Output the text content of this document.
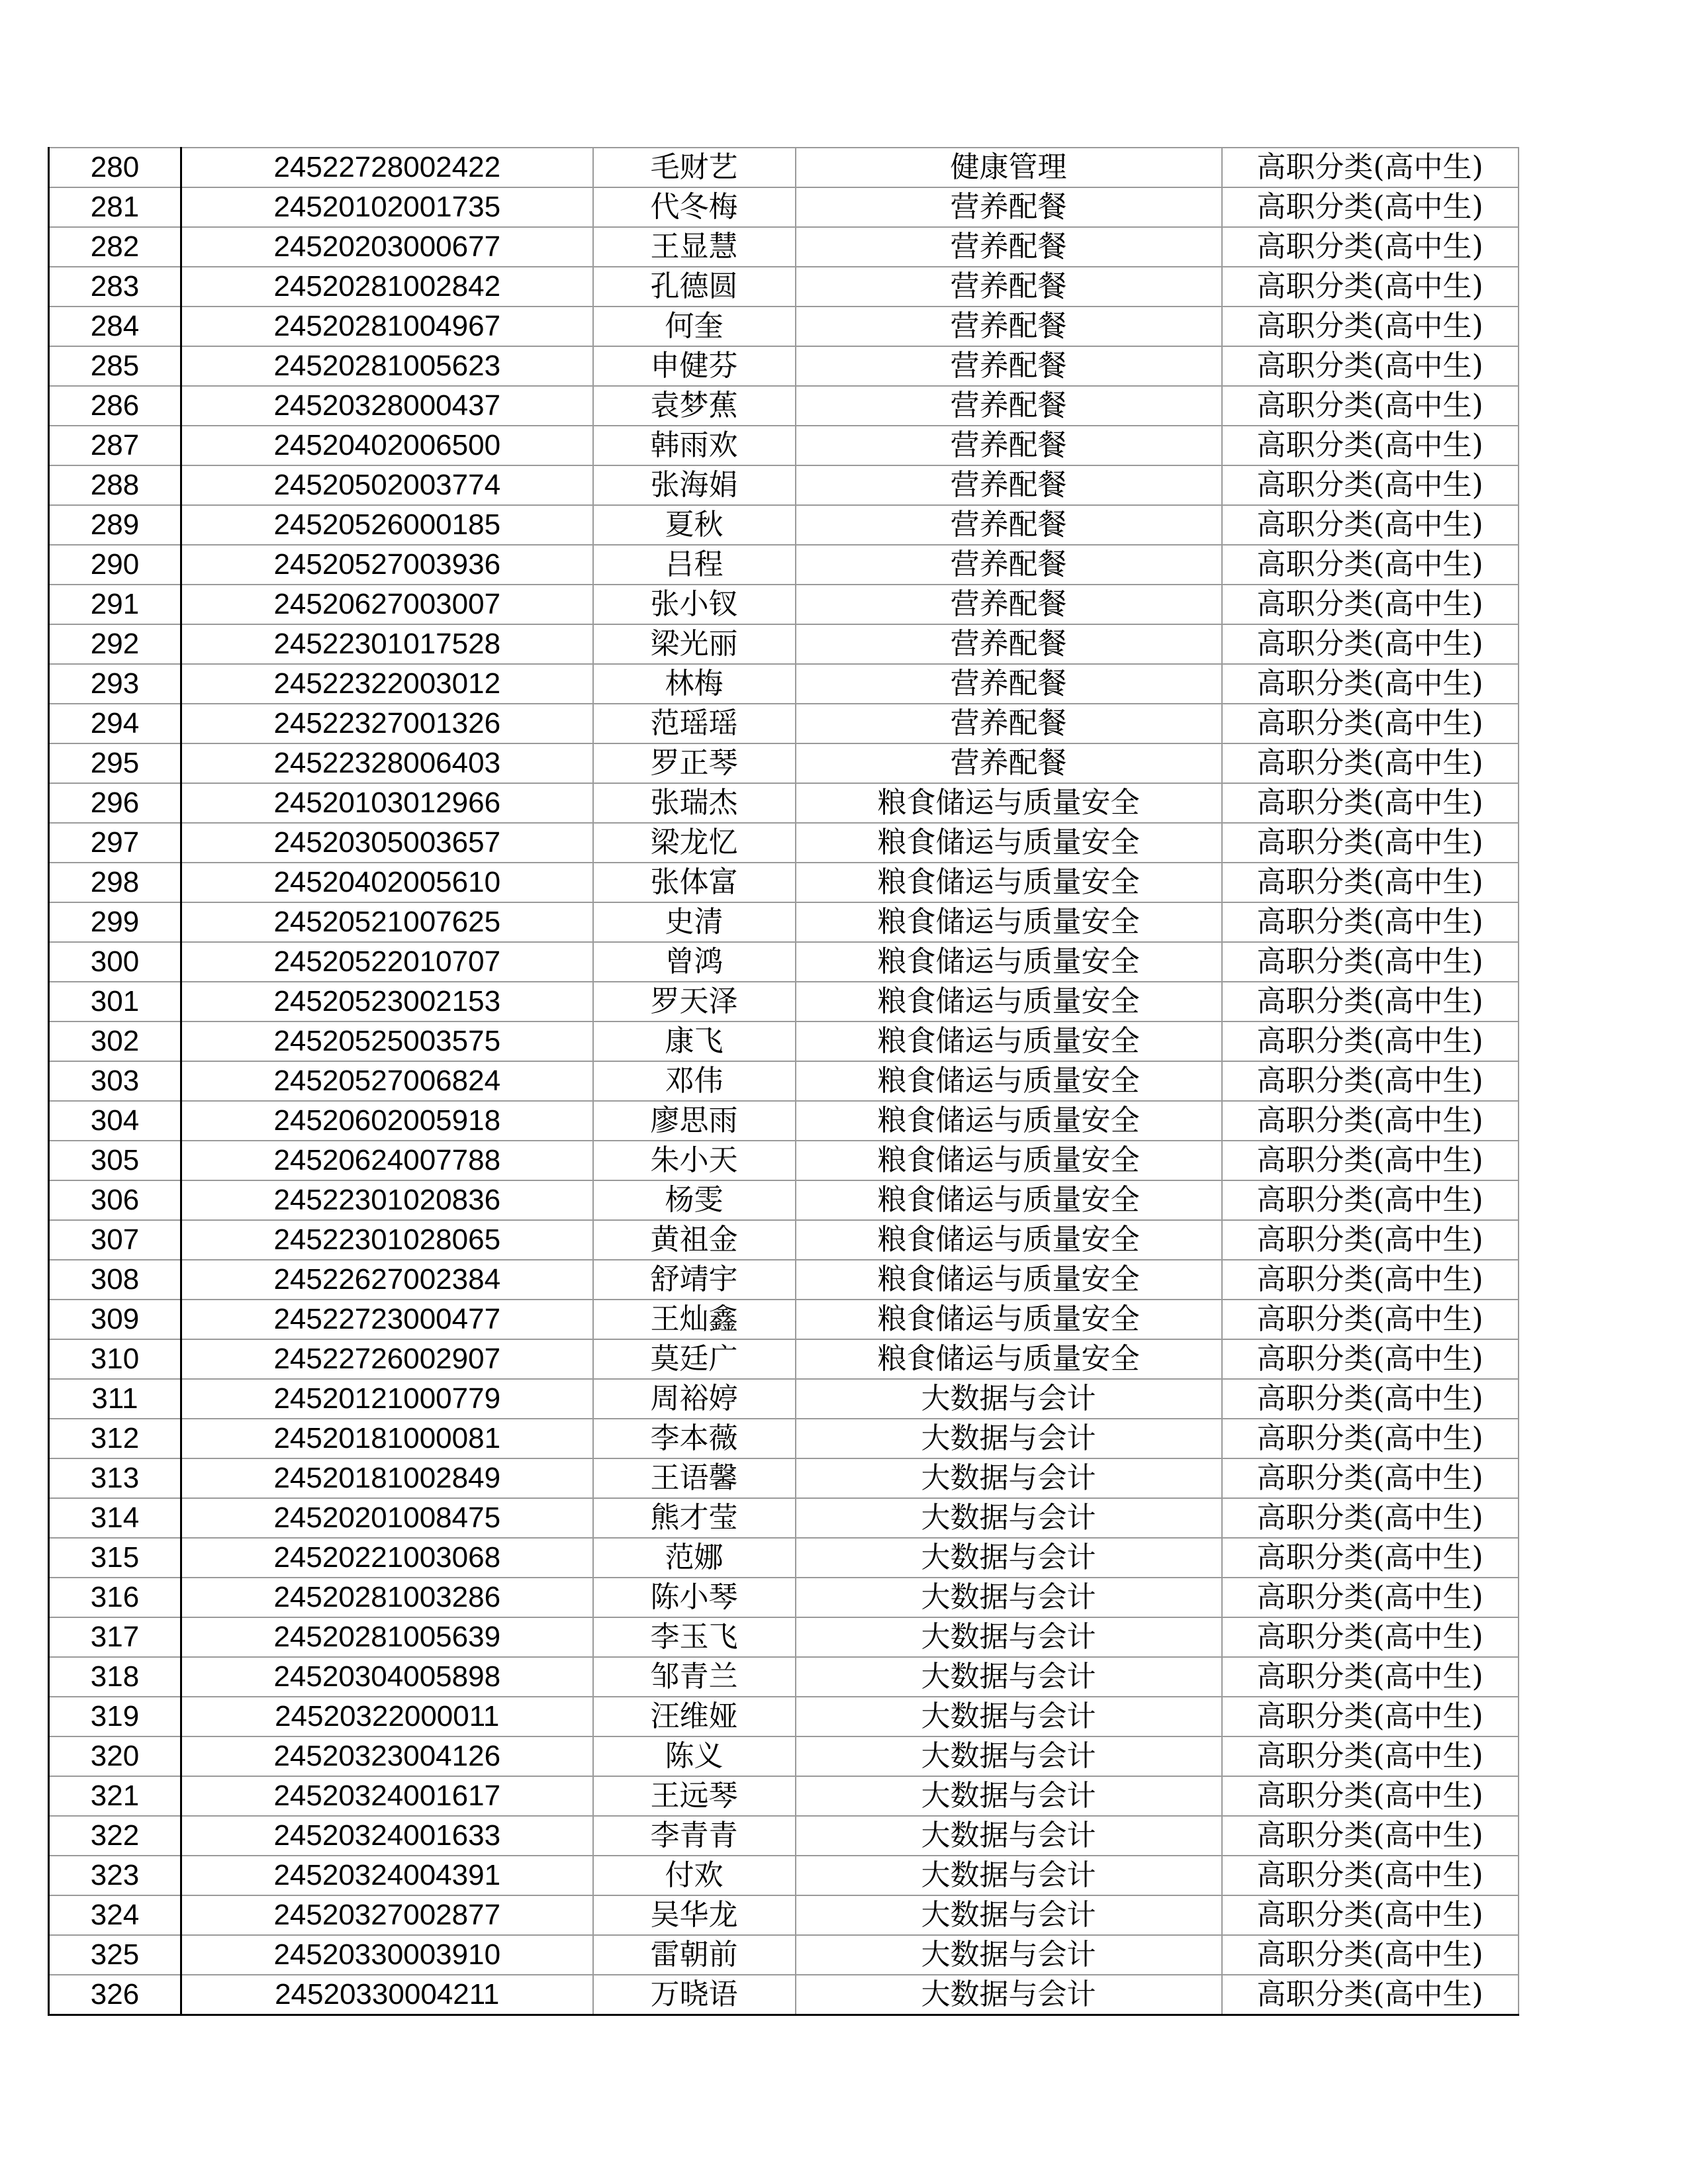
280	24522728002422	毛财艺	健康管理	高职分类(高中生)
281	24520102001735	代冬梅	营养配餐	高职分类(高中生)
282	24520203000677	王显慧	营养配餐	高职分类(高中生)
283	24520281002842	孔德圆	营养配餐	高职分类(高中生)
284	24520281004967	何奎	营养配餐	高职分类(高中生)
285	24520281005623	申健芬	营养配餐	高职分类(高中生)
286	24520328000437	袁梦蕉	营养配餐	高职分类(高中生)
287	24520402006500	韩雨欢	营养配餐	高职分类(高中生)
288	24520502003774	张海娟	营养配餐	高职分类(高中生)
289	24520526000185	夏秋	营养配餐	高职分类(高中生)
290	24520527003936	吕程	营养配餐	高职分类(高中生)
291	24520627003007	张小钗	营养配餐	高职分类(高中生)
292	24522301017528	梁光丽	营养配餐	高职分类(高中生)
293	24522322003012	林梅	营养配餐	高职分类(高中生)
294	24522327001326	范瑶瑶	营养配餐	高职分类(高中生)
295	24522328006403	罗正琴	营养配餐	高职分类(高中生)
296	24520103012966	张瑞杰	粮食储运与质量安全	高职分类(高中生)
297	24520305003657	梁龙忆	粮食储运与质量安全	高职分类(高中生)
298	24520402005610	张体富	粮食储运与质量安全	高职分类(高中生)
299	24520521007625	史清	粮食储运与质量安全	高职分类(高中生)
300	24520522010707	曾鸿	粮食储运与质量安全	高职分类(高中生)
301	24520523002153	罗天泽	粮食储运与质量安全	高职分类(高中生)
302	24520525003575	康飞	粮食储运与质量安全	高职分类(高中生)
303	24520527006824	邓伟	粮食储运与质量安全	高职分类(高中生)
304	24520602005918	廖思雨	粮食储运与质量安全	高职分类(高中生)
305	24520624007788	朱小天	粮食储运与质量安全	高职分类(高中生)
306	24522301020836	杨雯	粮食储运与质量安全	高职分类(高中生)
307	24522301028065	黄祖金	粮食储运与质量安全	高职分类(高中生)
308	24522627002384	舒靖宇	粮食储运与质量安全	高职分类(高中生)
309	24522723000477	王灿鑫	粮食储运与质量安全	高职分类(高中生)
310	24522726002907	莫廷广	粮食储运与质量安全	高职分类(高中生)
311	24520121000779	周裕婷	大数据与会计	高职分类(高中生)
312	24520181000081	李本薇	大数据与会计	高职分类(高中生)
313	24520181002849	王语馨	大数据与会计	高职分类(高中生)
314	24520201008475	熊才莹	大数据与会计	高职分类(高中生)
315	24520221003068	范娜	大数据与会计	高职分类(高中生)
316	24520281003286	陈小琴	大数据与会计	高职分类(高中生)
317	24520281005639	李玉飞	大数据与会计	高职分类(高中生)
318	24520304005898	邹青兰	大数据与会计	高职分类(高中生)
319	24520322000011	汪维娅	大数据与会计	高职分类(高中生)
320	24520323004126	陈义	大数据与会计	高职分类(高中生)
321	24520324001617	王远琴	大数据与会计	高职分类(高中生)
322	24520324001633	李青青	大数据与会计	高职分类(高中生)
323	24520324004391	付欢	大数据与会计	高职分类(高中生)
324	24520327002877	吴华龙	大数据与会计	高职分类(高中生)
325	24520330003910	雷朝前	大数据与会计	高职分类(高中生)
326	24520330004211	万晓语	大数据与会计	高职分类(高中生)
